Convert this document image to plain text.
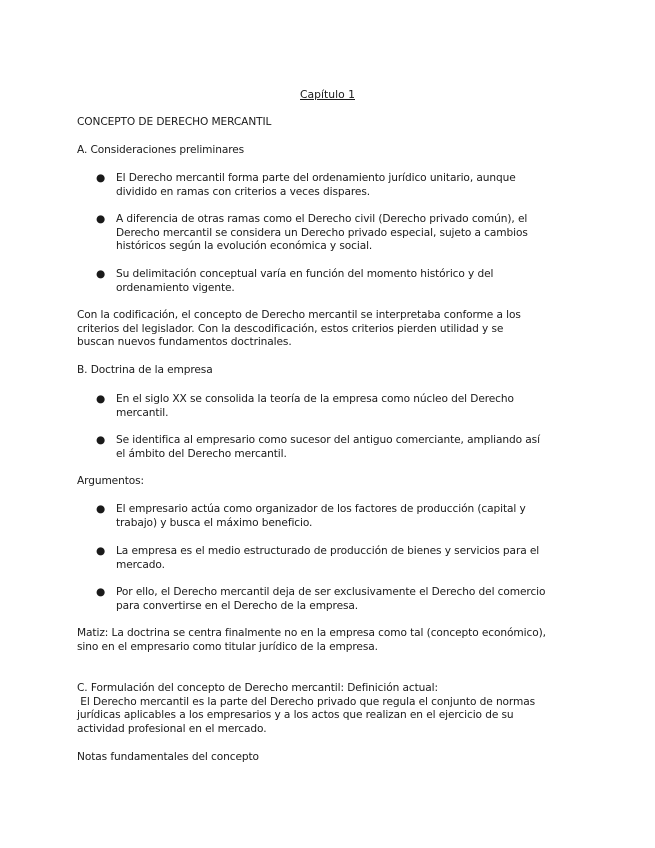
Capítulo 1
CONCEPTO DE DERECHO MERCANTIL
A. Consideraciones preliminares
● El Derecho mercantil forma parte del ordenamiento jurídico unitario, aunque
dividido en ramas con criterios a veces dispares.
● A diferencia de otras ramas como el Derecho civil (Derecho privado común), el
Derecho mercantil se considera un Derecho privado especial, sujeto a cambios
históricos según la evolución económica y social.
● Su delimitación conceptual varía en función del momento histórico y del
ordenamiento vigente.
Con la codificación, el concepto de Derecho mercantil se interpretaba conforme a los
criterios del legislador. Con la descodificación, estos criterios pierden utilidad y se
buscan nuevos fundamentos doctrinales.
B. Doctrina de la empresa
● En el siglo XX se consolida la teoría de la empresa como núcleo del Derecho
mercantil.
● Se identifica al empresario como sucesor del antiguo comerciante, ampliando así
el ámbito del Derecho mercantil.
Argumentos:
● El empresario actúa como organizador de los factores de producción (capital y
trabajo) y busca el máximo beneficio.
● La empresa es el medio estructurado de producción de bienes y servicios para el
mercado.
● Por ello, el Derecho mercantil deja de ser exclusivamente el Derecho del comercio
para convertirse en el Derecho de la empresa.
Matiz: La doctrina se centra finalmente no en la empresa como tal (concepto económico),
sino en el empresario como titular jurídico de la empresa.
C. Formulación del concepto de Derecho mercantil: Definición actual:
El Derecho mercantil es la parte del Derecho privado que regula el conjunto de normas
jurídicas aplicables a los empresarios y a los actos que realizan en el ejercicio de su
actividad profesional en el mercado.
Notas fundamentales del concepto
